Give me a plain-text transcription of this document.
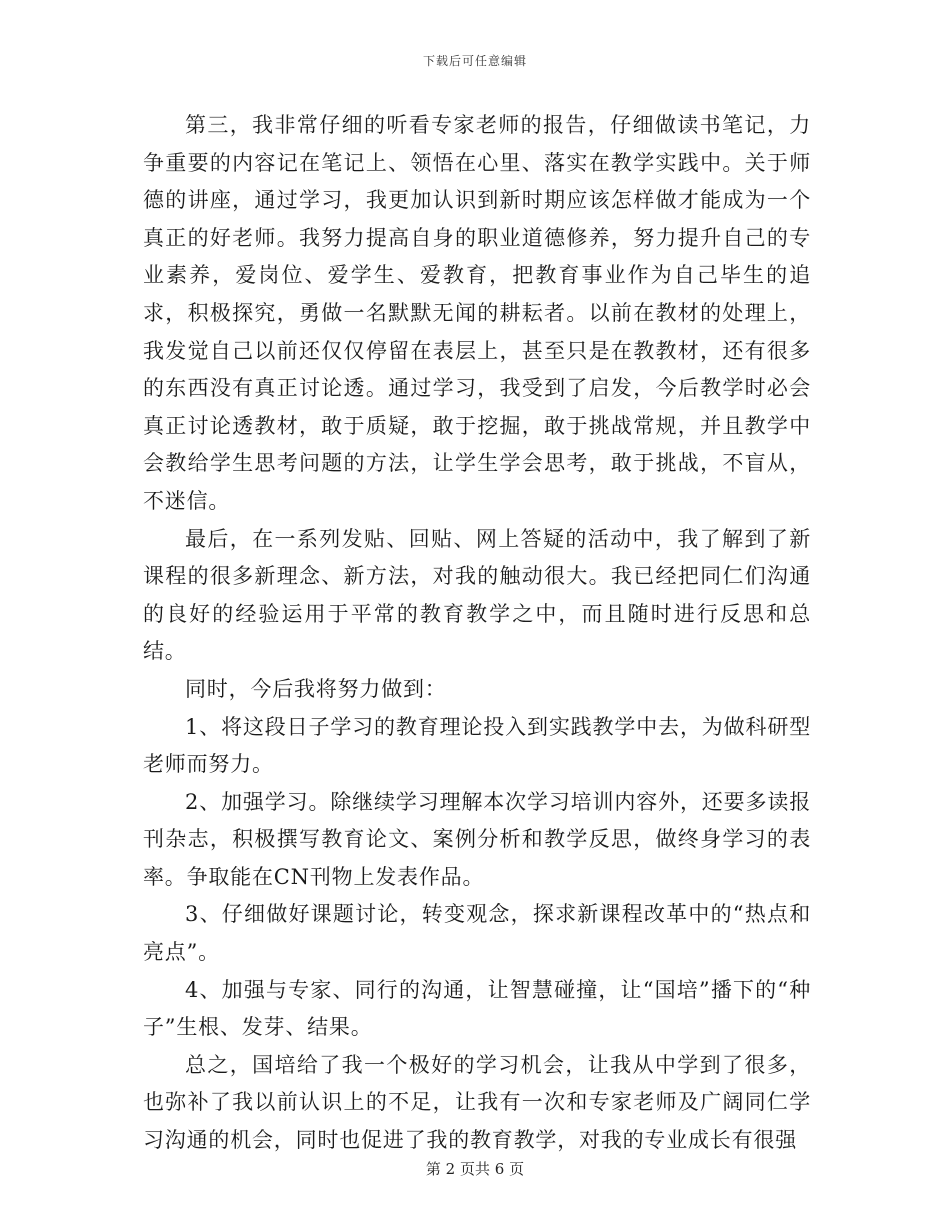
下载后可任意编辑

第三，我非常仔细的听看专家老师的报告，仔细做读书笔记，力争重要的内容记在笔记上、领悟在心里、落实在教学实践中。关于师德的讲座，通过学习，我更加认识到新时期应该怎样做才能成为一个真正的好老师。我努力提高自身的职业道德修养，努力提升自己的专业素养，爱岗位、爱学生、爱教育，把教育事业作为自己毕生的追求，积极探究，勇做一名默默无闻的耕耘者。以前在教材的处理上，我发觉自己以前还仅仅停留在表层上，甚至只是在教教材，还有很多的东西没有真正讨论透。通过学习，我受到了启发，今后教学时必会真正讨论透教材，敢于质疑，敢于挖掘，敢于挑战常规，并且教学中会教给学生思考问题的方法，让学生学会思考，敢于挑战，不盲从，不迷信。

最后，在一系列发贴、回贴、网上答疑的活动中，我了解到了新课程的很多新理念、新方法，对我的触动很大。我已经把同仁们沟通的良好的经验运用于平常的教育教学之中，而且随时进行反思和总结。

同时，今后我将努力做到：

1、将这段日子学习的教育理论投入到实践教学中去，为做科研型老师而努力。

2、加强学习。除继续学习理解本次学习培训内容外，还要多读报刊杂志，积极撰写教育论文、案例分析和教学反思，做终身学习的表率。争取能在CN刊物上发表作品。

3、仔细做好课题讨论，转变观念，探求新课程改革中的“热点和亮点”。

4、加强与专家、同行的沟通，让智慧碰撞，让“国培”播下的“种子”生根、发芽、结果。

总之，国培给了我一个极好的学习机会，让我从中学到了很多，也弥补了我以前认识上的不足，让我有一次和专家老师及广阔同仁学习沟通的机会，同时也促进了我的教育教学，对我的专业成长有很强

第 2 页共 6 页
